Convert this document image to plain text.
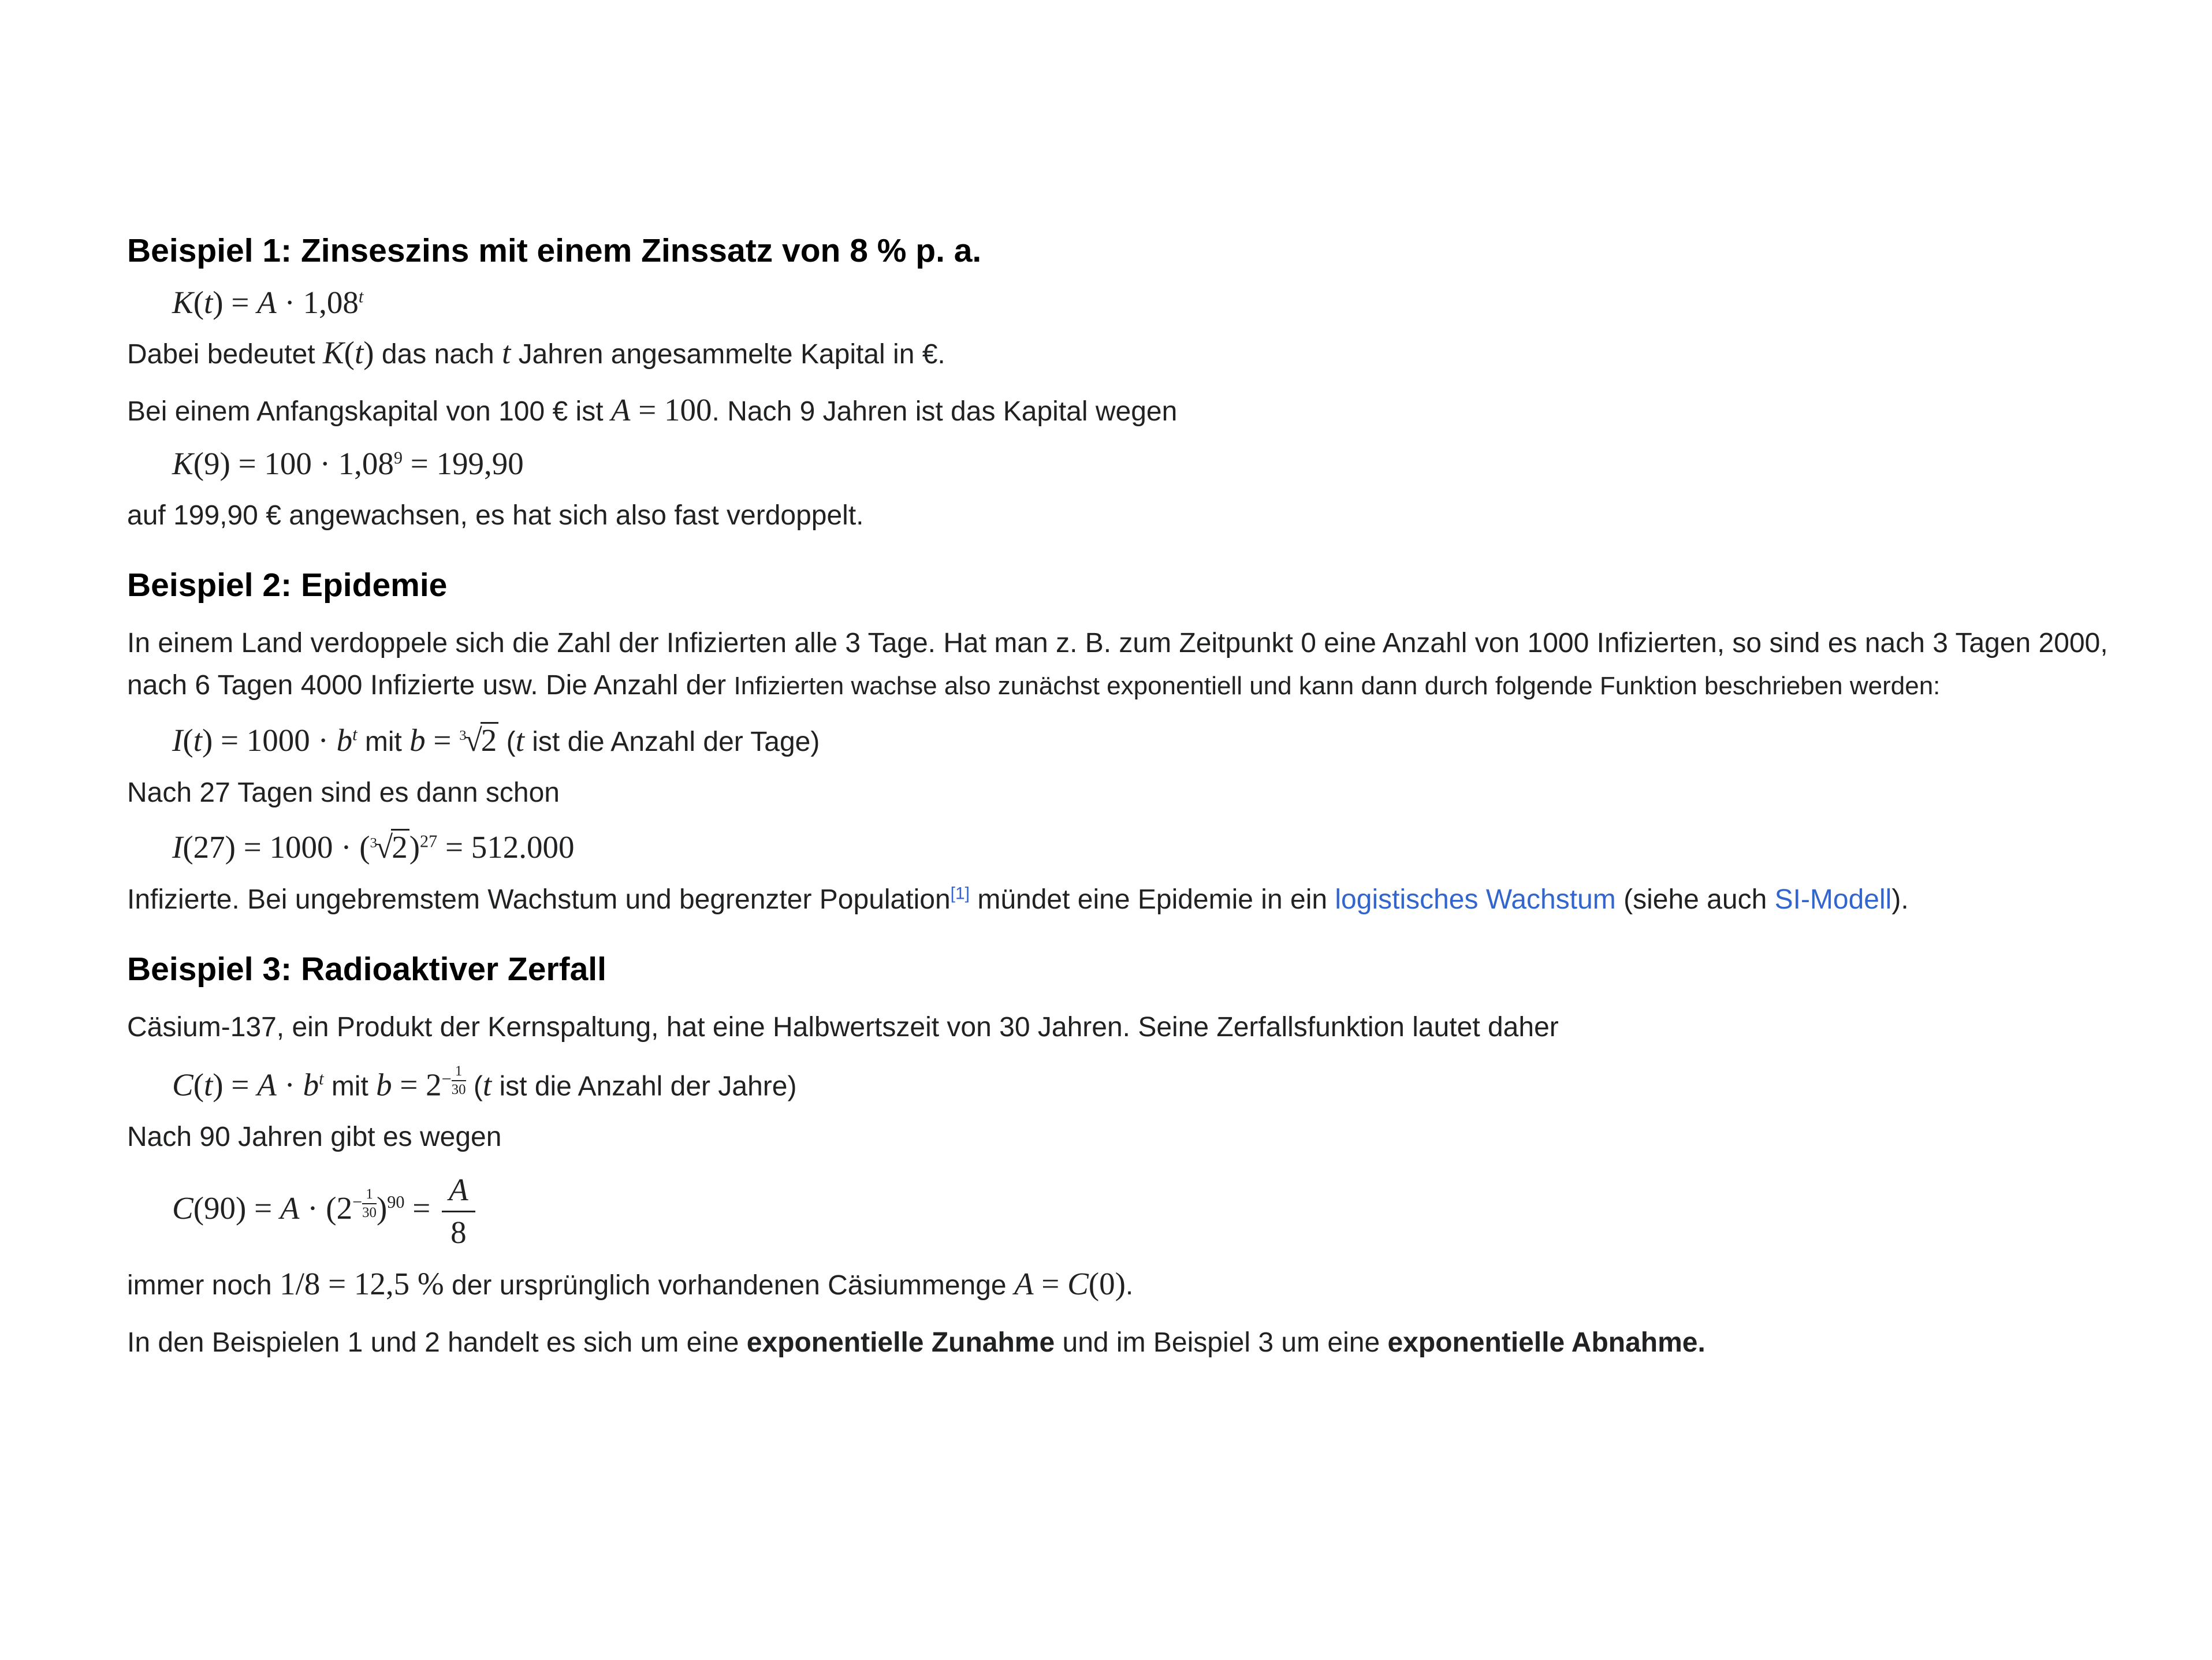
Beispiel 1: Zinseszins mit einem Zinssatz von 8 % p. a.
$K(t) = A \cdot 1,08^t$

Dabei bedeutet K(t) das nach t Jahren angesammelte Kapital in €.

Bei einem Anfangskapital von 100 € ist A = 100. Nach 9 Jahren ist das Kapital wegen

$K(9) = 100 \cdot 1,08^9 = 199,90$

auf 199,90 € angewachsen, es hat sich also fast verdoppelt.

Beispiel 2: Epidemie

In einem Land verdoppele sich die Zahl der Infizierten alle 3 Tage. Hat man z. B. zum Zeitpunkt 0 eine Anzahl von 1000 Infizierten, so sind es nach 3 Tagen 2000,
nach 6 Tagen 4000 Infizierte usw. Die Anzahl der Infizierten wachse also zunächst exponentiell und kann dann durch folgende Funktion beschrieben werden:

$I(t) = 1000 \cdot b^t$ mit b = $^3$√2 (t ist die Anzahl der Tage)

Nach 27 Tagen sind es dann schon

$I(27) = 1000 \cdot (^3√2)^{27} = 512.000$

Infizierte. Bei ungebremstem Wachstum und begrenzter Population[1] mündet eine Epidemie in ein logistisches Wachstum (siehe auch SI-Modell).

Beispiel 3: Radioaktiver Zerfall

Cäsium-137, ein Produkt der Kernspaltung, hat eine Halbwertszeit von 30 Jahren. Seine Zerfallsfunktion lautet daher

$C(t) = A \cdot b^t$ mit $b = 2^{- \frac{1}{30}}$ (t ist die Anzahl der Jahre)

Nach 90 Jahren gibt es wegen

$C(90) = A \cdot (2^{- \frac{1}{30}}$ )$^{90} = \frac{A}{8}$

immer noch 1/8 = 12,5 % der ursprünglich vorhandenen Cäsiummenge A = C(0).

In den Beispielen 1 und 2 handelt es sich um eine exponentielle Zunahme und im Beispiel 3 um eine exponentielle Abnahme.
